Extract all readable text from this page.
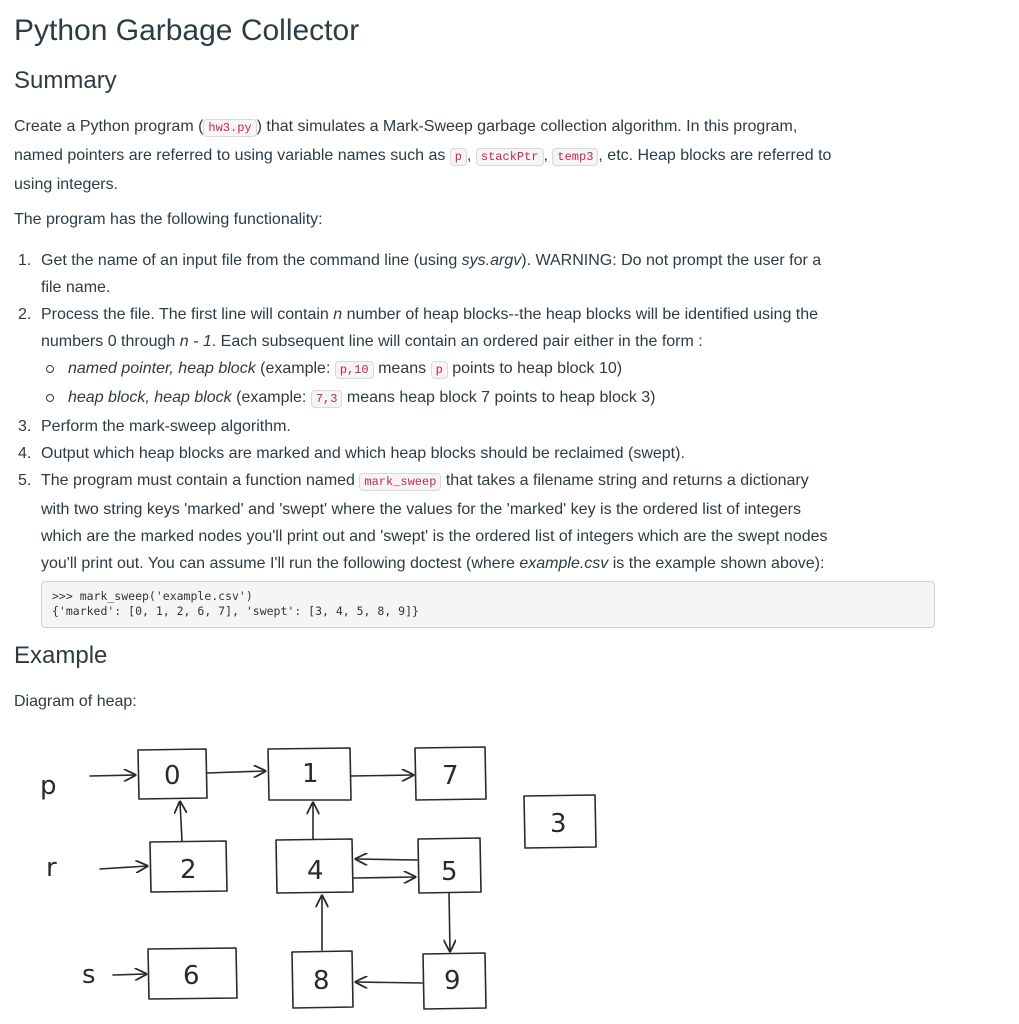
Python Garbage Collector
Summary

Create a Python program ( hw3.py ) that simulates a Mark-Sweep garbage collection algorithm. In this program,
named pointers are referred to using variable names such as p , stackPtr , temp3 , etc. Heap blocks are referred to
using integers.

The program has the following functionality:

1. Get the name of an input file from the command line (using sys.argv). WARNING: Do not prompt the user for a
file name.
2. Process the file. The first line will contain n number of heap blocks--the heap blocks will be identified using the
numbers 0 through n - 1. Each subsequent line will contain an ordered pair either in the form :
named pointer, heap block (example: p,10 means p points to heap block 10)
heap block, heap block (example: 7,3 means heap block 7 points to heap block 3)
3. Perform the mark-sweep algorithm.
4. Output which heap blocks are marked and which heap blocks should be reclaimed (swept).
5. The program must contain a function named mark_sweep that takes a filename string and returns a dictionary
with two string keys 'marked' and 'swept' where the values for the 'marked' key is the ordered list of integers
which are the marked nodes you'll print out and 'swept' is the ordered list of integers which are the swept nodes
you'll print out. You can assume I'll run the following doctest (where example.csv is the example shown above):
>>> mark_sweep('example.csv')
{'marked': [0, 1, 2, 6, 7], 'swept': [3, 4, 5, 8, 9]}
Example

Diagram of heap:

p
r
s
0	1	7
3
2	4	5
6	8	9
